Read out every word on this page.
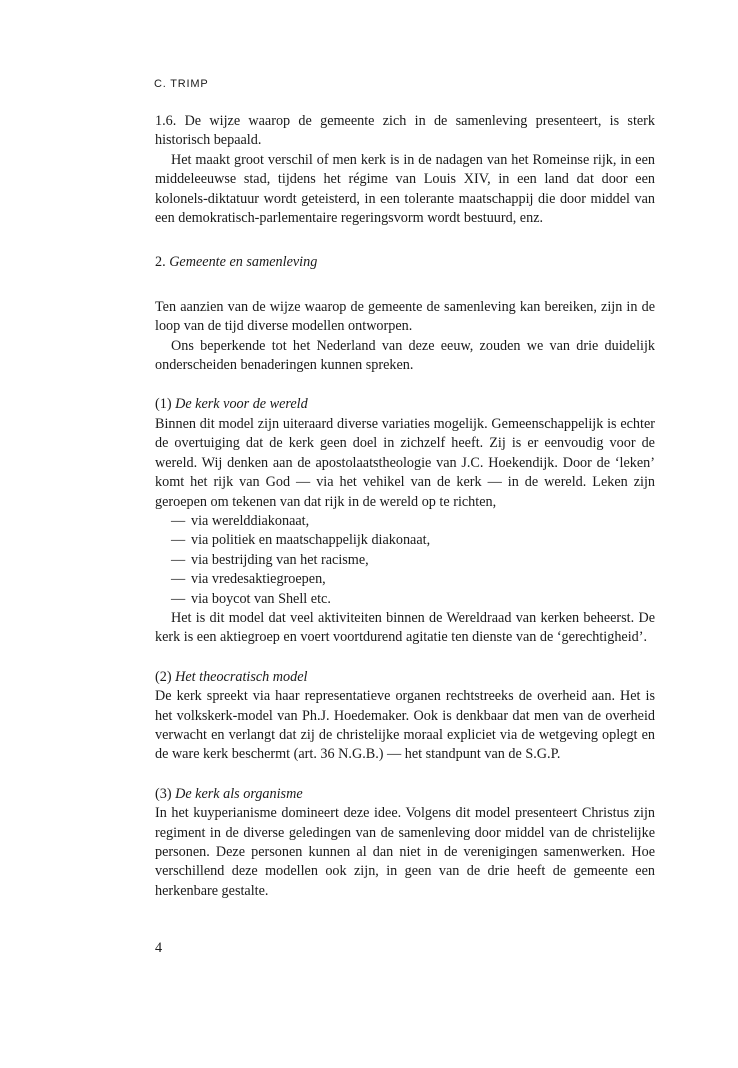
C. TRIMP

1.6. De wijze waarop de gemeente zich in de samenleving presenteert, is sterk historisch bepaald.

Het maakt groot verschil of men kerk is in de nadagen van het Romeinse rijk, in een middeleeuwse stad, tijdens het régime van Louis XIV, in een land dat door een kolonels-diktatuur wordt geteisterd, in een tolerante maatschappij die door middel van een demokratisch-parlementaire regeringsvorm wordt bestuurd, enz.

2. Gemeente en samenleving

Ten aanzien van de wijze waarop de gemeente de samenleving kan bereiken, zijn in de loop van de tijd diverse modellen ontworpen.

Ons beperkende tot het Nederland van deze eeuw, zouden we van drie duidelijk onderscheiden benaderingen kunnen spreken.

(1) De kerk voor de wereld

Binnen dit model zijn uiteraard diverse variaties mogelijk. Gemeenschappelijk is echter de overtuiging dat de kerk geen doel in zichzelf heeft. Zij is er eenvoudig voor de wereld. Wij denken aan de apostolaatstheologie van J.C. Hoekendijk. Door de ‘leken’ komt het rijk van God — via het vehikel van de kerk — in de wereld. Leken zijn geroepen om tekenen van dat rijk in de wereld op te richten,

— via werelddiakonaat,
— via politiek en maatschappelijk diakonaat,
— via bestrijding van het racisme,
— via vredesaktiegroepen,
— via boycot van Shell etc.

Het is dit model dat veel aktiviteiten binnen de Wereldraad van kerken beheerst. De kerk is een aktiegroep en voert voortdurend agitatie ten dienste van de ‘gerechtigheid’.

(2) Het theocratisch model

De kerk spreekt via haar representatieve organen rechtstreeks de overheid aan. Het is het volkskerk-model van Ph.J. Hoedemaker. Ook is denkbaar dat men van de overheid verwacht en verlangt dat zij de christelijke moraal expliciet via de wetgeving oplegt en de ware kerk beschermt (art. 36 N.G.B.) — het standpunt van de S.G.P.

(3) De kerk als organisme

In het kuyperianisme domineert deze idee. Volgens dit model presenteert Christus zijn regiment in de diverse geledingen van de samenleving door middel van de christelijke personen. Deze personen kunnen al dan niet in de verenigingen samenwerken. Hoe verschillend deze modellen ook zijn, in geen van de drie heeft de gemeente een herkenbare gestalte.

4
